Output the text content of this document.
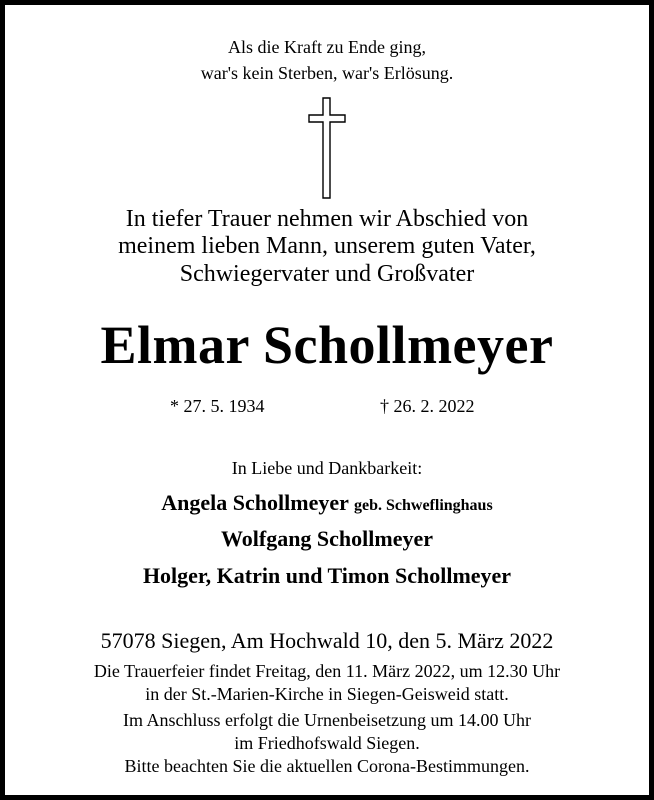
Als die Kraft zu Ende ging,
war's kein Sterben, war's Erlösung.
In tiefer Trauer nehmen wir Abschied von
meinem lieben Mann, unserem guten Vater,
Schwiegervater und Großvater
Elmar Schollmeyer
* 27. 5. 1934	† 26. 2. 2022
In Liebe und Dankbarkeit:
Angela Schollmeyer geb. Schweflinghaus
Wolfgang Schollmeyer
Holger, Katrin und Timon Schollmeyer
57078 Siegen, Am Hochwald 10, den 5. März 2022
Die Trauerfeier findet Freitag, den 11. März 2022, um 12.30 Uhr
in der St.-Marien-Kirche in Siegen-Geisweid statt.
Im Anschluss erfolgt die Urnenbeisetzung um 14.00 Uhr
im Friedhofswald Siegen.
Bitte beachten Sie die aktuellen Corona-Bestimmungen.
